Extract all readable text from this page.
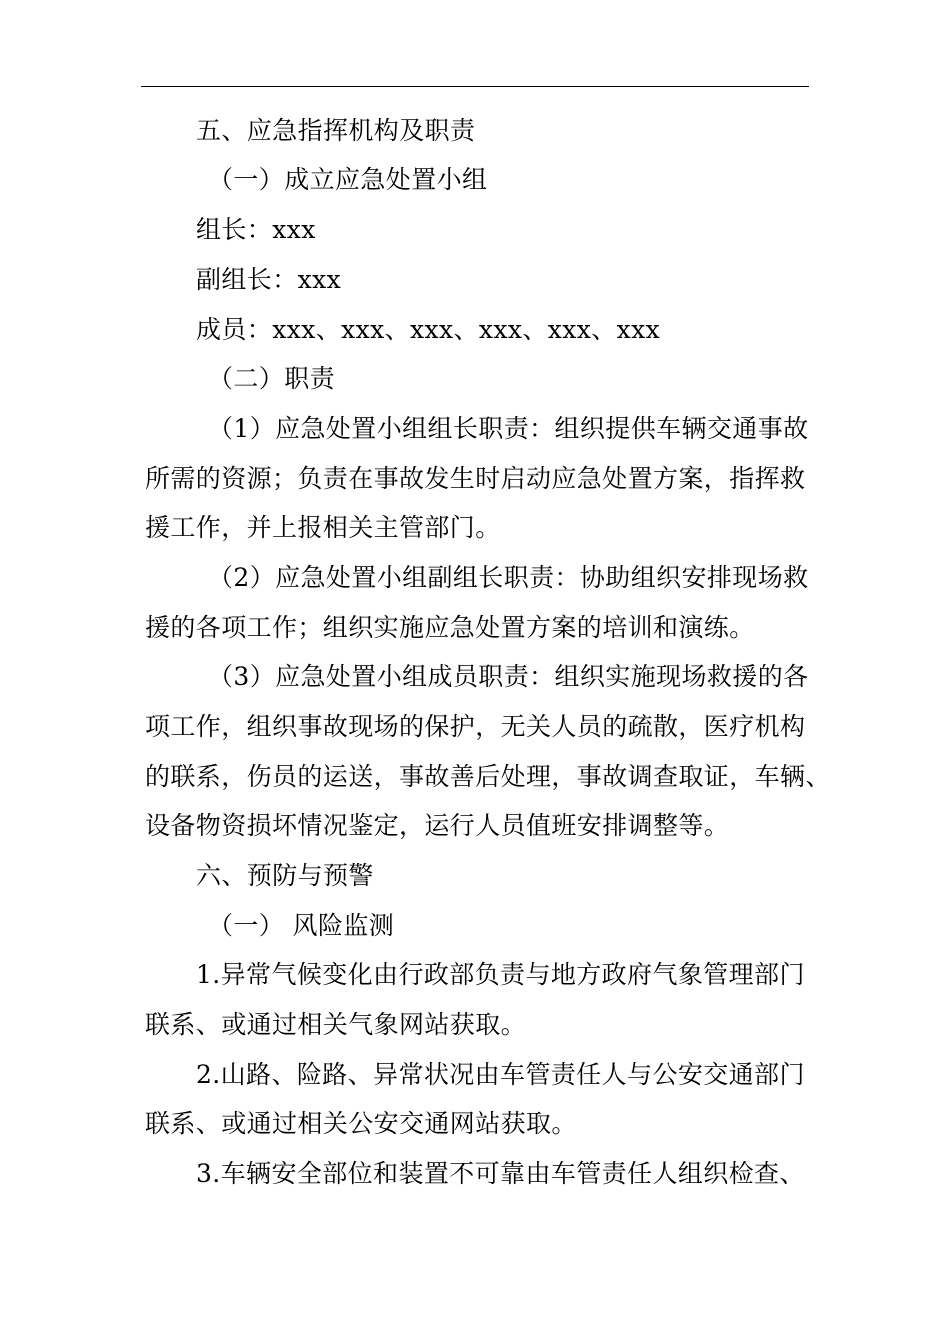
五、应急指挥机构及职责
（一）成立应急处置小组
组长：xxx
副组长：xxx
成员：xxx、xxx、xxx、xxx、xxx、xxx
（二）职责
（1）应急处置小组组长职责：组织提供车辆交通事故
所需的资源；负责在事故发生时启动应急处置方案，指挥救
援工作，并上报相关主管部门。
（2）应急处置小组副组长职责：协助组织安排现场救
援的各项工作；组织实施应急处置方案的培训和演练。
（3）应急处置小组成员职责：组织实施现场救援的各
项工作，组织事故现场的保护，无关人员的疏散，医疗机构
的联系，伤员的运送，事故善后处理，事故调查取证，车辆、
设备物资损坏情况鉴定，运行人员值班安排调整等。
六、预防与预警
（一） 风险监测
1.异常气候变化由行政部负责与地方政府气象管理部门
联系、或通过相关气象网站获取。
2.山路、险路、异常状况由车管责任人与公安交通部门
联系、或通过相关公安交通网站获取。
3.车辆安全部位和装置不可靠由车管责任人组织检查、
